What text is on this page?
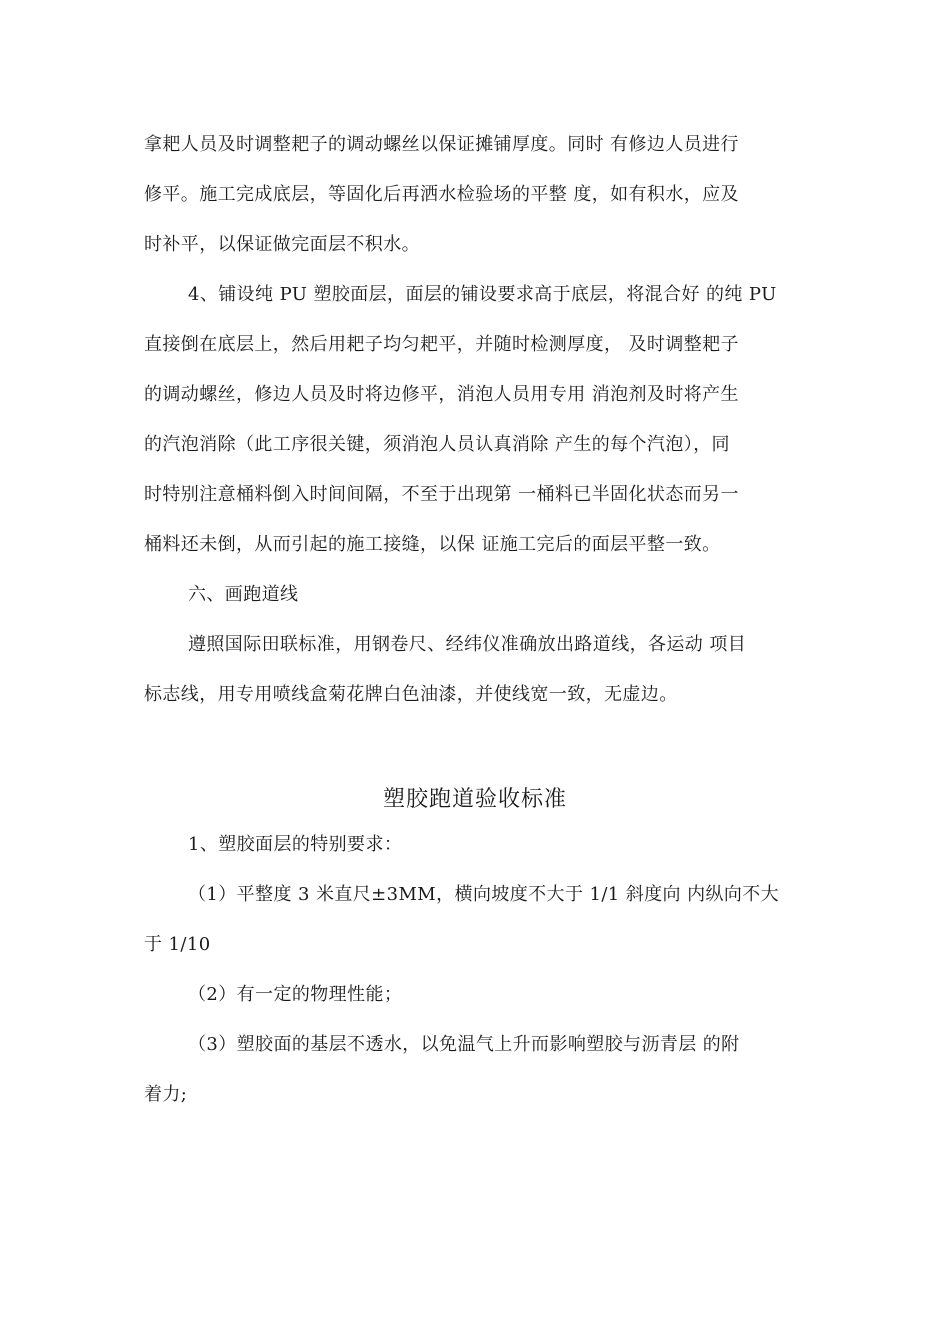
拿耙人员及时调整耙子的调动螺丝以保证摊铺厚度。同时 有修边人员进行
修平。施工完成底层，等固化后再洒水检验场的平整 度，如有积水，应及
时补平，以保证做完面层不积水。
4、铺设纯 PU 塑胶面层，面层的铺设要求高于底层，将混合好 的纯 PU
直接倒在底层上，然后用耙子均匀耙平，并随时检测厚度， 及时调整耙子
的调动螺丝，修边人员及时将边修平，消泡人员用专用 消泡剂及时将产生
的汽泡消除（此工序很关键，须消泡人员认真消除 产生的每个汽泡），同
时特别注意桶料倒入时间间隔，不至于出现第 一桶料已半固化状态而另一
桶料还未倒，从而引起的施工接缝，以保 证施工完后的面层平整一致。
六、画跑道线
遵照国际田联标准，用钢卷尺、经纬仪准确放出路道线，各运动 项目
标志线，用专用喷线盒菊花牌白色油漆，并使线宽一致，无虚边。
塑胶跑道验收标准
1、塑胶面层的特别要求：
（1）平整度 3 米直尺±3MM，横向坡度不大于 1/1 斜度向 内纵向不大
于 1/10
（2）有一定的物理性能；
（3）塑胶面的基层不透水，以免温气上升而影响塑胶与沥青层 的附
着力;
